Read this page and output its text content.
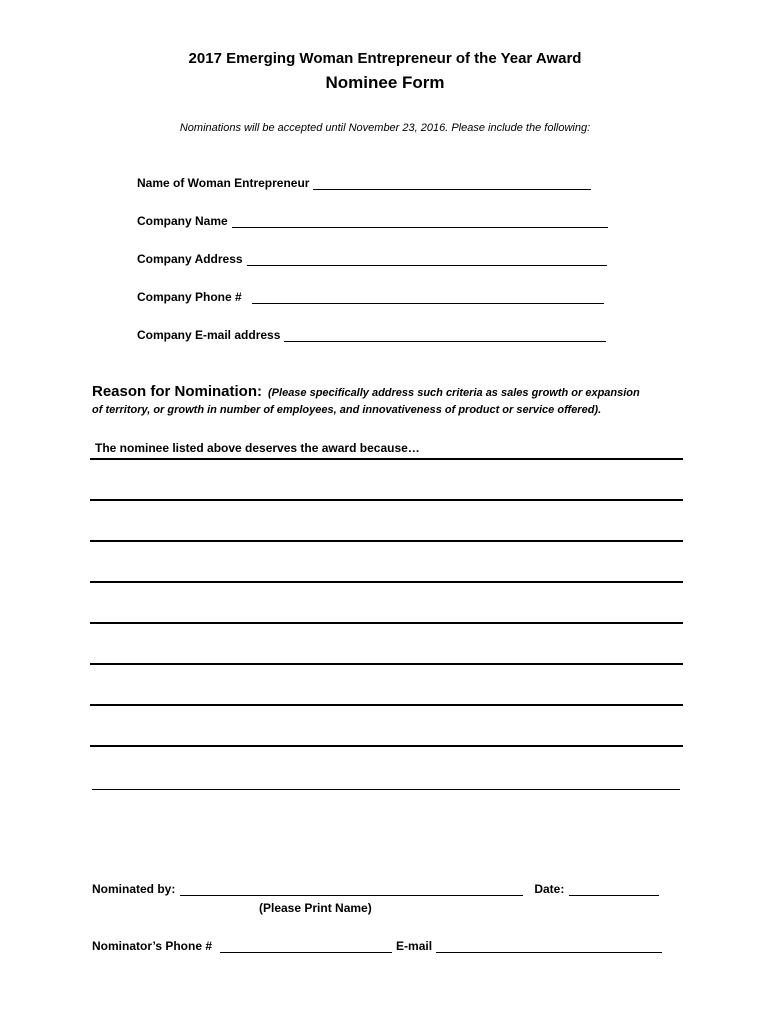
2017 Emerging Woman Entrepreneur of the Year Award
Nominee Form
Nominations will be accepted until November 23, 2016. Please include the following:
Name of Woman Entrepreneur
Company Name
Company Address
Company Phone #
Company E-mail address
Reason for Nomination: (Please specifically address such criteria as sales growth or expansion
of territory, or growth in number of employees, and innovativeness of product or service offered).
The nominee listed above deserves the award because…
Nominated by:	Date:
(Please Print Name)
Nominator’s Phone #	E-mail
